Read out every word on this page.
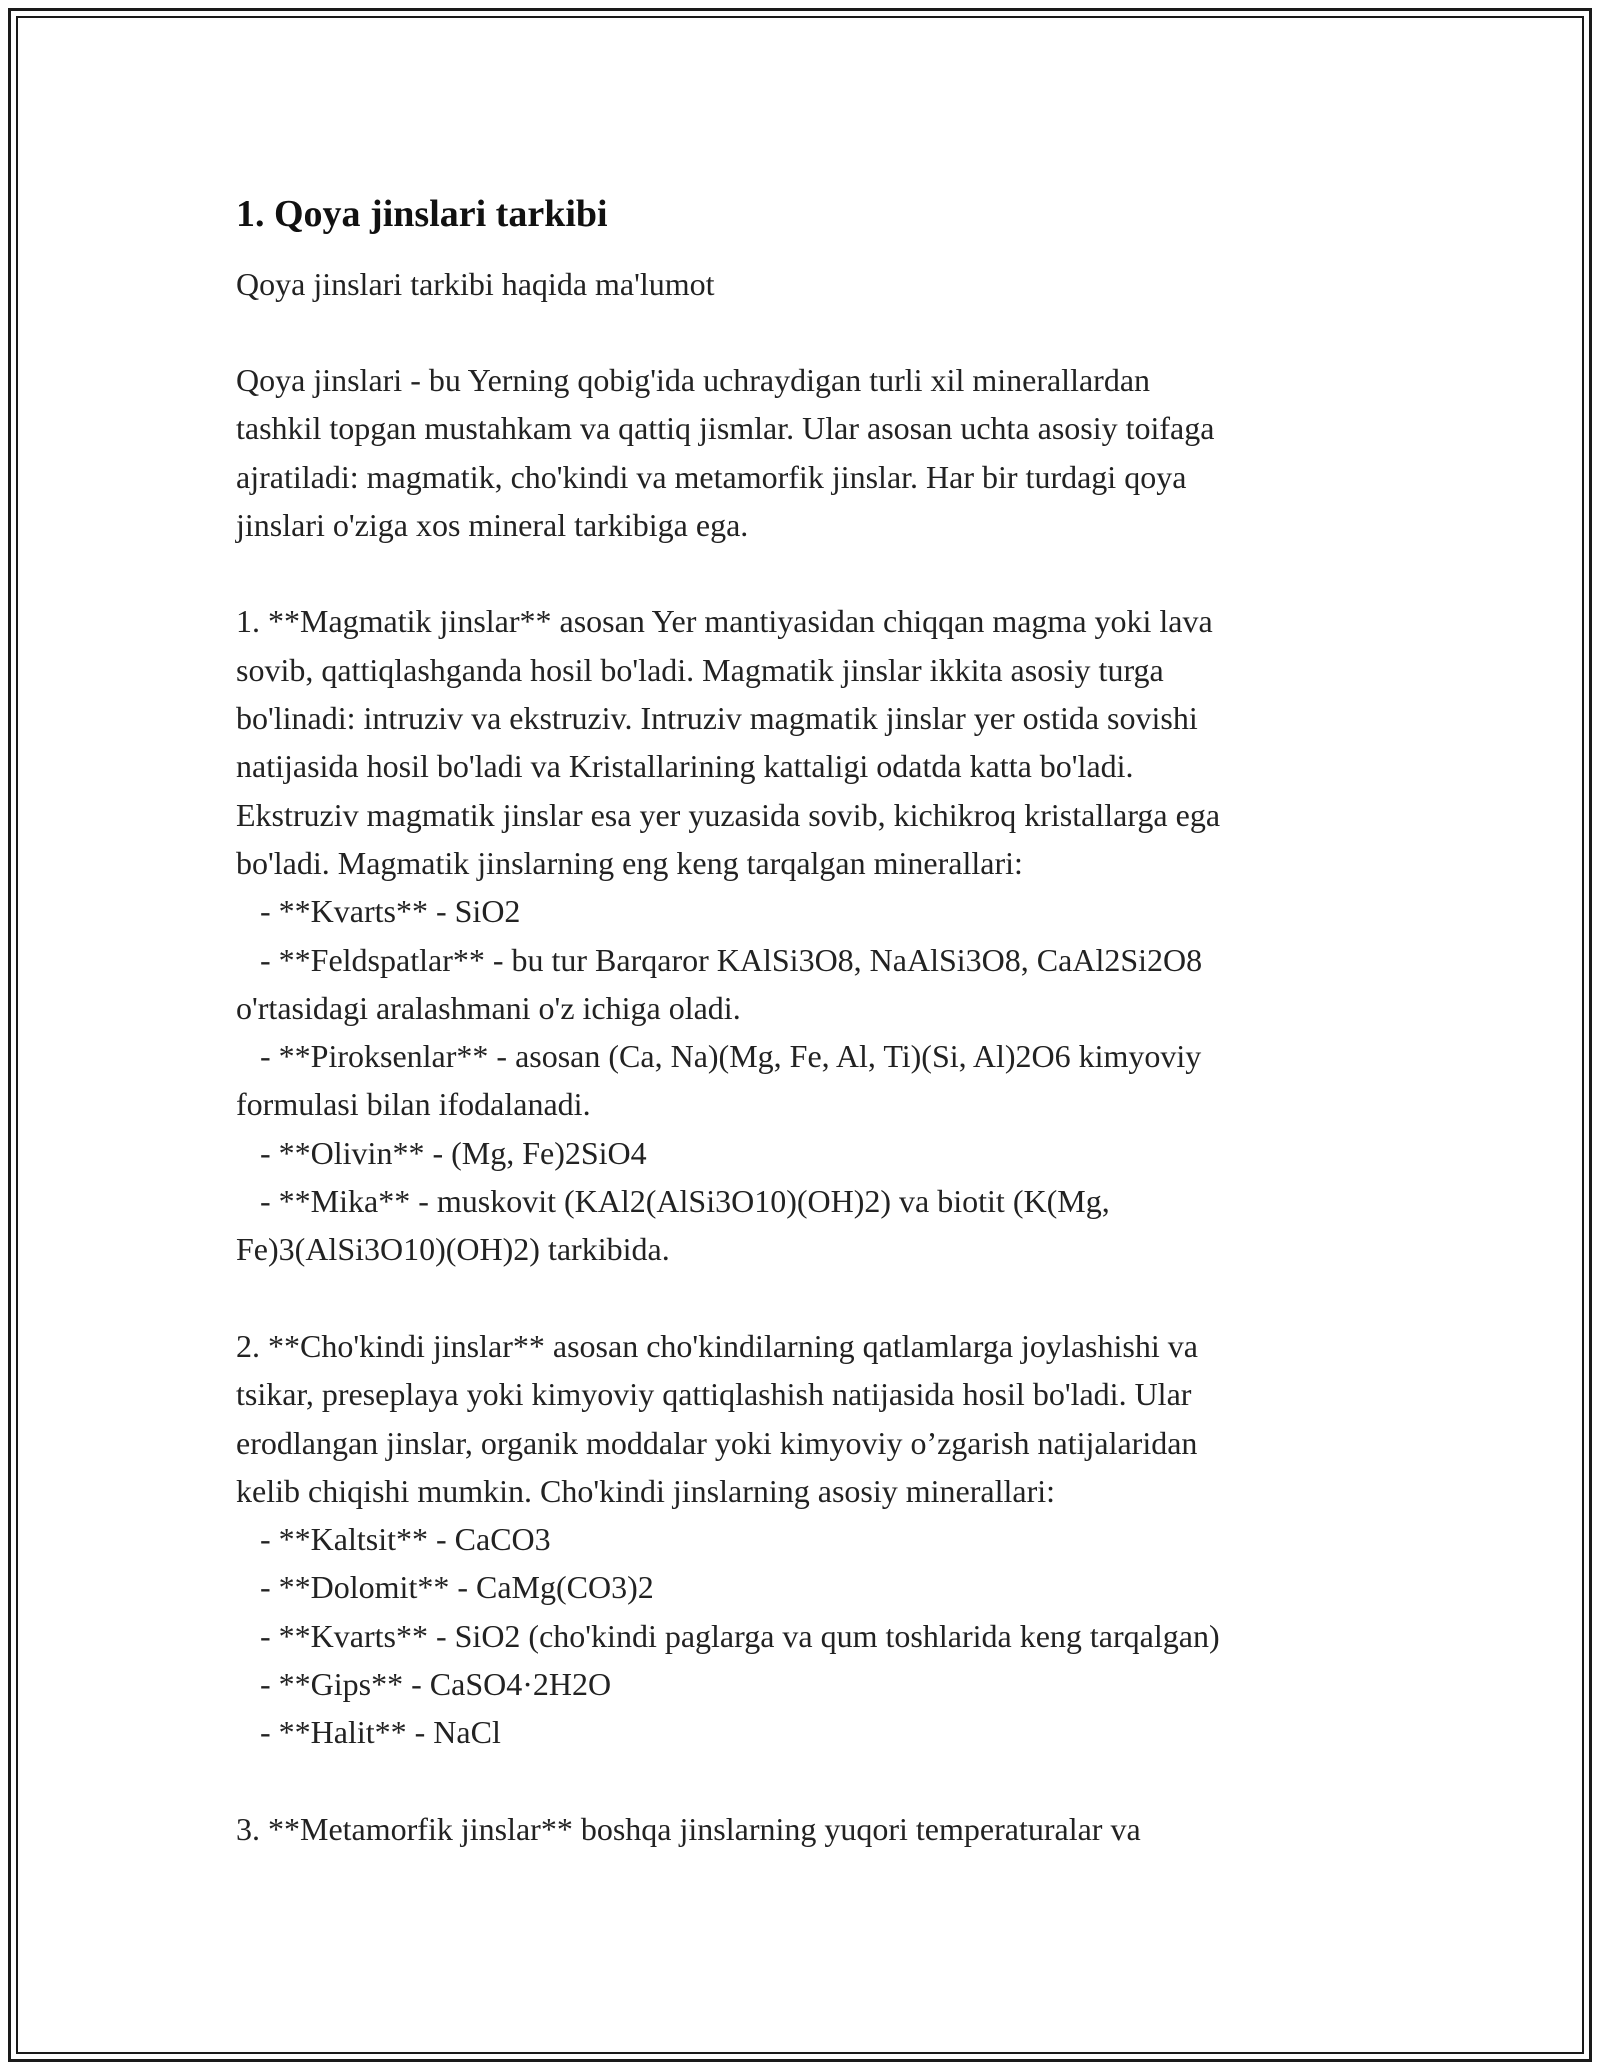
1. Qoya jinslari tarkibi
Qoya jinslari tarkibi haqida ma'lumot
Qoya jinslari - bu Yerning qobig'ida uchraydigan turli xil minerallardan
tashkil topgan mustahkam va qattiq jismlar. Ular asosan uchta asosiy toifaga
ajratiladi: magmatik, cho'kindi va metamorfik jinslar. Har bir turdagi qoya
jinslari o'ziga xos mineral tarkibiga ega.
1. **Magmatik jinslar** asosan Yer mantiyasidan chiqqan magma yoki lava
sovib, qattiqlashganda hosil bo'ladi. Magmatik jinslar ikkita asosiy turga
bo'linadi: intruziv va ekstruziv. Intruziv magmatik jinslar yer ostida sovishi
natijasida hosil bo'ladi va Kristallarining kattaligi odatda katta bo'ladi.
Ekstruziv magmatik jinslar esa yer yuzasida sovib, kichikroq kristallarga ega
bo'ladi. Magmatik jinslarning eng keng tarqalgan minerallari:
- **Kvarts** - SiO2
- **Feldspatlar** - bu tur Barqaror KAlSi3O8, NaAlSi3O8, CaAl2Si2O8
o'rtasidagi aralashmani o'z ichiga oladi.
- **Piroksenlar** - asosan (Ca, Na)(Mg, Fe, Al, Ti)(Si, Al)2O6 kimyoviy
formulasi bilan ifodalanadi.
- **Olivin** - (Mg, Fe)2SiO4
- **Mika** - muskovit (KAl2(AlSi3O10)(OH)2) va biotit (K(Mg,
Fe)3(AlSi3O10)(OH)2) tarkibida.
2. **Cho'kindi jinslar** asosan cho'kindilarning qatlamlarga joylashishi va
tsikar, preseplaya yoki kimyoviy qattiqlashish natijasida hosil bo'ladi. Ular
erodlangan jinslar, organik moddalar yoki kimyoviy o’zgarish natijalaridan
kelib chiqishi mumkin. Cho'kindi jinslarning asosiy minerallari:
- **Kaltsit** - CaCO3
- **Dolomit** - CaMg(CO3)2
- **Kvarts** - SiO2 (cho'kindi paglarga va qum toshlarida keng tarqalgan)
- **Gips** - CaSO4·2H2O
- **Halit** - NaCl
3. **Metamorfik jinslar** boshqa jinslarning yuqori temperaturalar va
